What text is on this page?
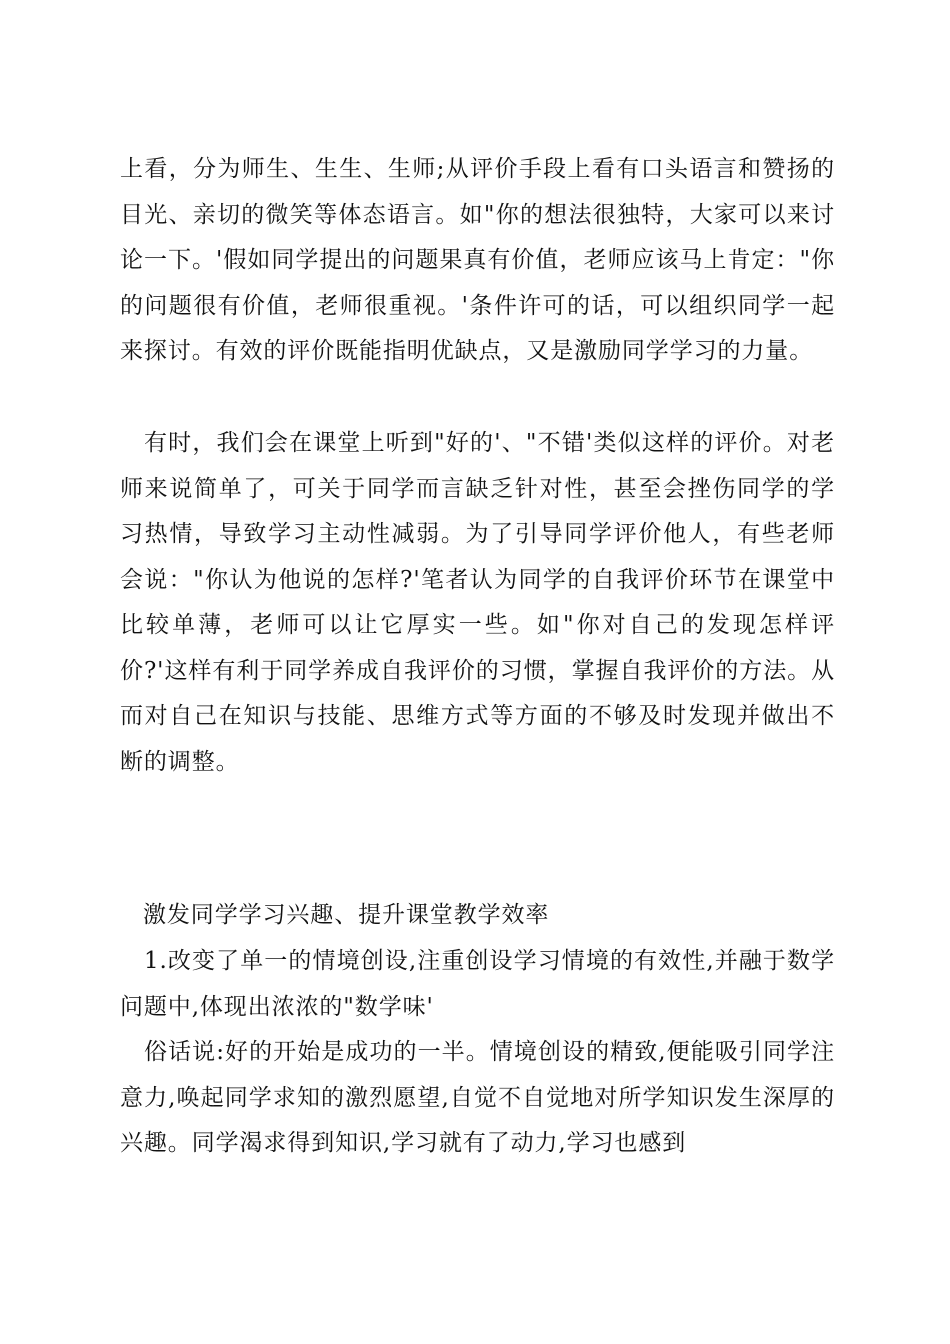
上看，分为师生、生生、生师;从评价手段上看有口头语言和赞扬的目光、亲切的微笑等体态语言。如"你的想法很独特，大家可以来讨论一下。'假如同学提出的问题果真有价值，老师应该马上肯定："你的问题很有价值，老师很重视。'条件许可的话，可以组织同学一起来探讨。有效的评价既能指明优缺点，又是激励同学学习的力量。

有时，我们会在课堂上听到"好的'、"不错'类似这样的评价。对老师来说简单了，可关于同学而言缺乏针对性，甚至会挫伤同学的学习热情，导致学习主动性减弱。为了引导同学评价他人，有些老师会说："你认为他说的怎样?'笔者认为同学的自我评价环节在课堂中比较单薄，老师可以让它厚实一些。如"你对自己的发现怎样评价?'这样有利于同学养成自我评价的习惯，掌握自我评价的方法。从而对自己在知识与技能、思维方式等方面的不够及时发现并做出不断的调整。

激发同学学习兴趣、提升课堂教学效率

1.改变了单一的情境创设,注重创设学习情境的有效性,并融于数学问题中,体现出浓浓的"数学味'

俗话说:好的开始是成功的一半。情境创设的精致,便能吸引同学注意力,唤起同学求知的激烈愿望,自觉不自觉地对所学知识发生深厚的兴趣。同学渴求得到知识,学习就有了动力,学习也感到
